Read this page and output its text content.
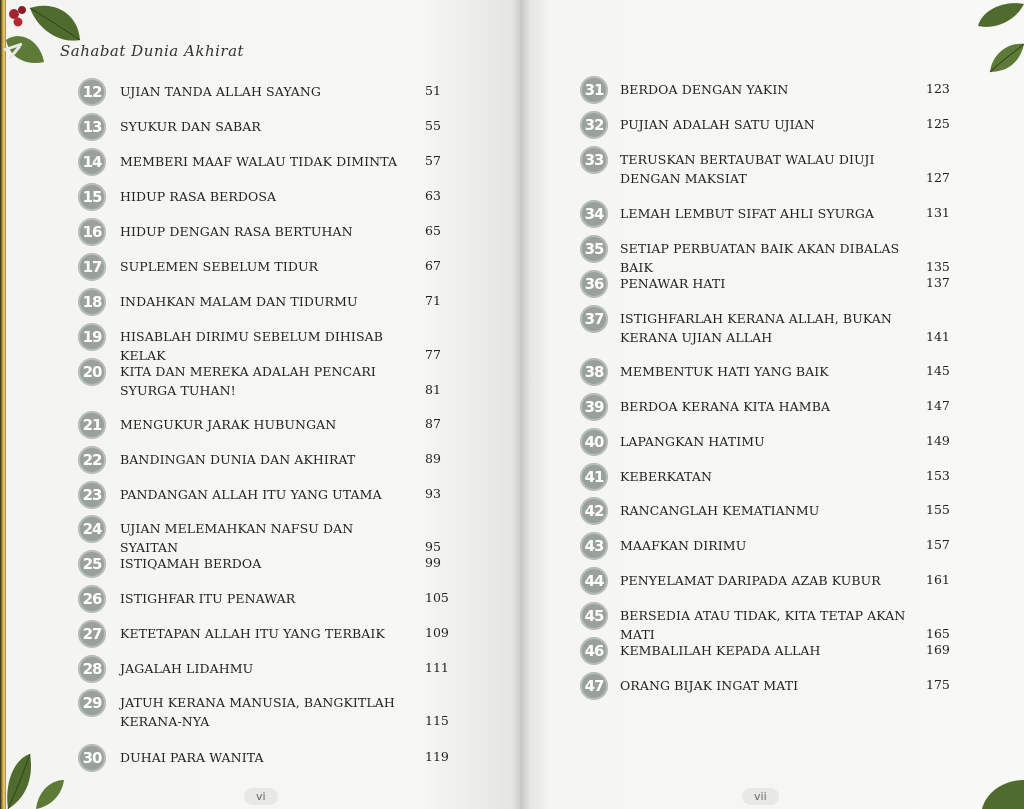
Sahabat Dunia Akhirat
12	UJIAN TANDA ALLAH SAYANG	51
13	SYUKUR DAN SABAR	55
14	MEMBERI MAAF WALAU TIDAK DIMINTA	57
15	HIDUP RASA BERDOSA	63
16	HIDUP DENGAN RASA BERTUHAN	65
17	SUPLEMEN SEBELUM TIDUR	67
18	INDAHKAN MALAM DAN TIDURMU	71
19	HISABLAH DIRIMU SEBELUM DIHISAB KELAK	77
20	KITA DAN MEREKA ADALAH PENCARI SYURGA TUHAN!	81
21	MENGUKUR JARAK HUBUNGAN	87
22	BANDINGAN DUNIA DAN AKHIRAT	89
23	PANDANGAN ALLAH ITU YANG UTAMA	93
24	UJIAN MELEMAHKAN NAFSU DAN SYAITAN	95
25	ISTIQAMAH BERDOA	99
26	ISTIGHFAR ITU PENAWAR	105
27	KETETAPAN ALLAH ITU YANG TERBAIK	109
28	JAGALAH LIDAHMU	111
29	JATUH KERANA MANUSIA, BANGKITLAH KERANA-NYA	115
30	DUHAI PARA WANITA	119
vi
31	BERDOA DENGAN YAKIN	123
32	PUJIAN ADALAH SATU UJIAN	125
33	TERUSKAN BERTAUBAT WALAU DIUJI DENGAN MAKSIAT	127
34	LEMAH LEMBUT SIFAT AHLI SYURGA	131
35	SETIAP PERBUATAN BAIK AKAN DIBALAS BAIK	135
36	PENAWAR HATI	137
37	ISTIGHFARLAH KERANA ALLAH, BUKAN KERANA UJIAN ALLAH	141
38	MEMBENTUK HATI YANG BAIK	145
39	BERDOA KERANA KITA HAMBA	147
40	LAPANGKAN HATIMU	149
41	KEBERKATAN	153
42	RANCANGLAH KEMATIANMU	155
43	MAAFKAN DIRIMU	157
44	PENYELAMAT DARIPADA AZAB KUBUR	161
45	BERSEDIA ATAU TIDAK, KITA TETAP AKAN MATI	165
46	KEMBALILAH KEPADA ALLAH	169
47	ORANG BIJAK INGAT MATI	175
vii
